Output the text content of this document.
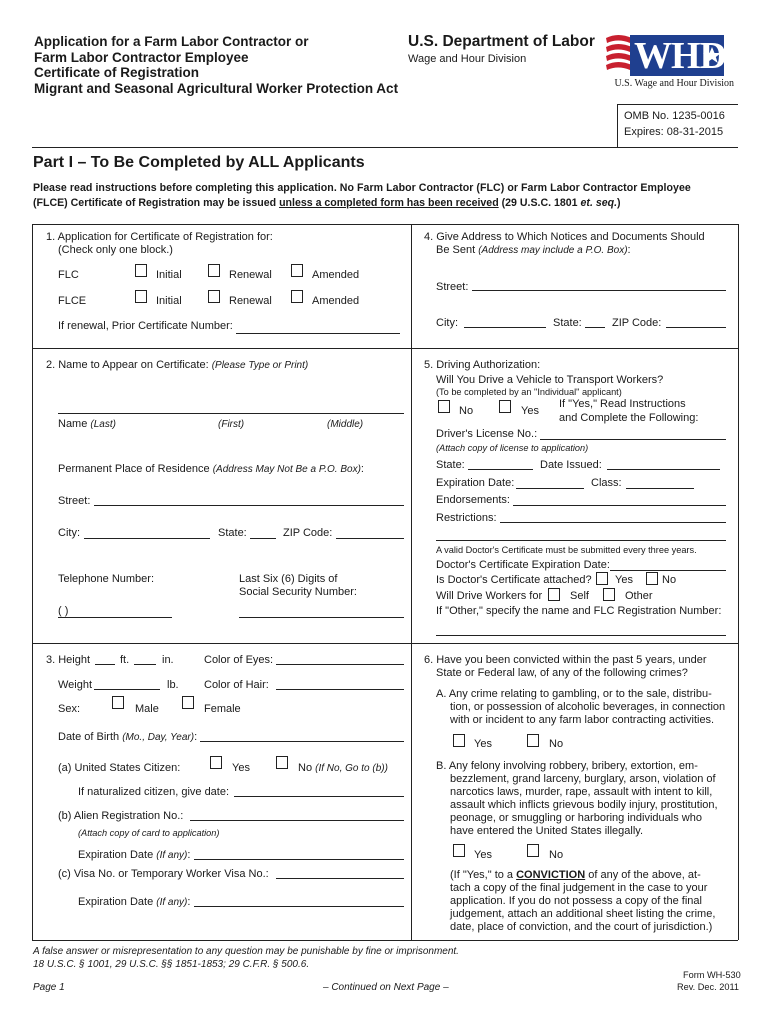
Application for a Farm Labor Contractor or
Farm Labor Contractor Employee
Certificate of Registration
Migrant and Seasonal Agricultural Worker Protection Act
U.S. Department of Labor
Wage and Hour Division	WHD
U.S. Wage and Hour Division
OMB No. 1235-0016
Expires: 08-31-2015
Part I – To Be Completed by ALL Applicants
Please read instructions before completing this application. No Farm Labor Contractor (FLC) or Farm Labor Contractor Employee
(FLCE) Certificate of Registration may be issued unless a completed form has been received (29 U.S.C. 1801 et. seq.)
1. Application for Certificate of Registration for:
(Check only one block.)
FLC	Initial	Renewal	Amended
FLCE	Initial	Renewal	Amended
If renewal, Prior Certificate Number:
4. Give Address to Which Notices and Documents Should
Be Sent (Address may include a P.O. Box):
Street:
City:	State:	ZIP Code:
2. Name to Appear on Certificate: (Please Type or Print)
Name (Last)	(First)	(Middle)
Permanent Place of Residence (Address May Not Be a P.O. Box):
Street:
City:	State:	ZIP Code:
Telephone Number:	Last Six (6) Digits of
Social Security Number:
( )
5. Driving Authorization:
Will You Drive a Vehicle to Transport Workers?
(To be completed by an "Individual" applicant)
No	Yes
If "Yes," Read Instructions
and Complete the Following:
Driver's License No.:
(Attach copy of license to application)
State:	Date Issued:
Expiration Date:	Class:
Endorsements:
Restrictions:
A valid Doctor's Certificate must be submitted every three years.
Doctor's Certificate Expiration Date:
Is Doctor's Certificate attached? Yes	No
Will Drive Workers for	Self	Other
If "Other," specify the name and FLC Registration Number:
3. Height	ft.	in.	Color of Eyes:
Weight	lb. Color of Hair:
Sex:	Male	Female
Date of Birth (Mo., Day, Year):
(a) United States Citizen:	Yes	No (If No, Go to (b))
If naturalized citizen, give date:
(b) Alien Registration No.:
(Attach copy of card to application)
Expiration Date (If any):
(c) Visa No. or Temporary Worker Visa No.:
Expiration Date (If any):
6. Have you been convicted within the past 5 years, under
State or Federal law, of any of the following crimes?
A. Any crime relating to gambling, or to the sale, distribu-
tion, or possession of alcoholic beverages, in connection
with or incident to any farm labor contracting activities.
Yes	No
B. Any felony involving robbery, bribery, extortion, em-
bezzlement, grand larceny, burglary, arson, violation of
narcotics laws, murder, rape, assault with intent to kill,
assault which inflicts grievous bodily injury, prostitution,
peonage, or smuggling or harboring individuals who
have entered the United States illegally.
Yes	No
(If "Yes," to a CONVICTION of any of the above, at-
tach a copy of the final judgement in the case to your
application. If you do not possess a copy of the final
judgement, attach an additional sheet listing the crime,
date, place of conviction, and the court of jurisdiction.)
A false answer or misrepresentation to any question may be punishable by fine or imprisonment.
18 U.S.C. § 1001, 29 U.S.C. §§ 1851-1853; 29 C.F.R. § 500.6.
Page 1	– Continued on Next Page –
Form WH-530
Rev. Dec. 2011
